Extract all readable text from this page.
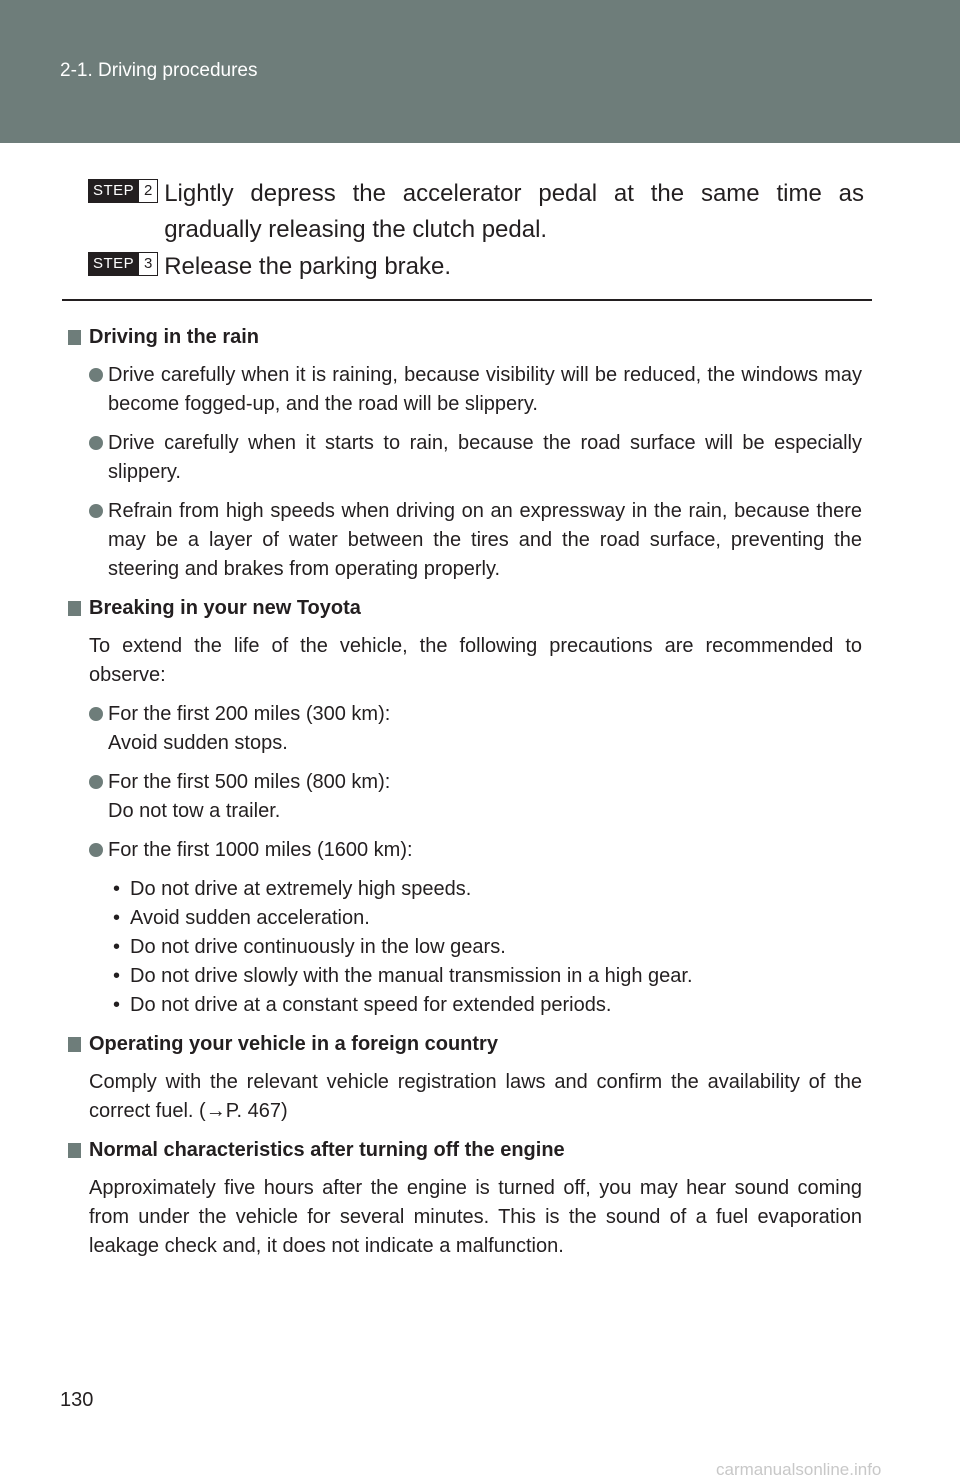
2-1. Driving procedures
STEP 2 Lightly depress the accelerator pedal at the same time as gradually releasing the clutch pedal.
STEP 3 Release the parking brake.
Driving in the rain
Drive carefully when it is raining, because visibility will be reduced, the windows may become fogged-up, and the road will be slippery.
Drive carefully when it starts to rain, because the road surface will be especially slippery.
Refrain from high speeds when driving on an expressway in the rain, because there may be a layer of water between the tires and the road surface, preventing the steering and brakes from operating properly.
Breaking in your new Toyota
To extend the life of the vehicle, the following precautions are recommended to observe:
For the first 200 miles (300 km):
Avoid sudden stops.
For the first 500 miles (800 km):
Do not tow a trailer.
For the first 1000 miles (1600 km):
• Do not drive at extremely high speeds.
• Avoid sudden acceleration.
• Do not drive continuously in the low gears.
• Do not drive slowly with the manual transmission in a high gear.
• Do not drive at a constant speed for extended periods.
Operating your vehicle in a foreign country
Comply with the relevant vehicle registration laws and confirm the availability of the correct fuel. (→P. 467)
Normal characteristics after turning off the engine
Approximately five hours after the engine is turned off, you may hear sound coming from under the vehicle for several minutes. This is the sound of a fuel evaporation leakage check and, it does not indicate a malfunction.
130
carmanualsonline.info
